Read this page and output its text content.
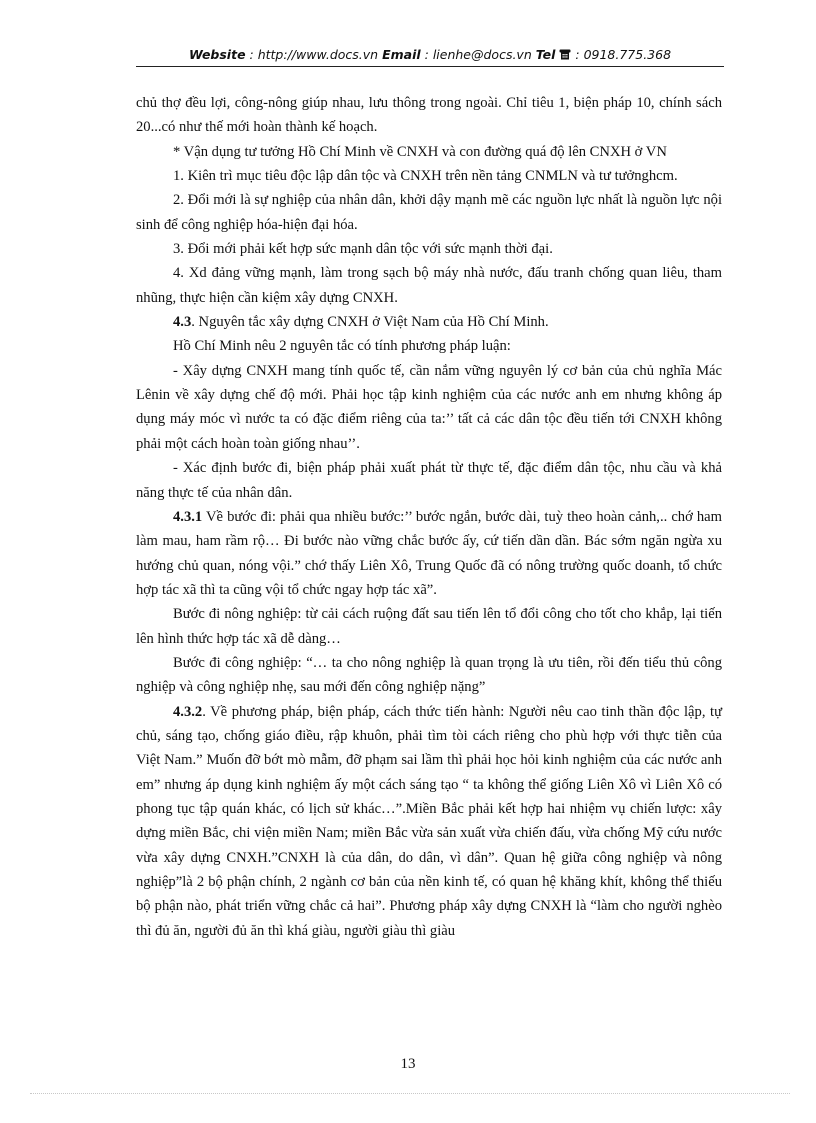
Website : http://www.docs.vn Email : lienhe@docs.vn Tel  : 0918.775.368

chủ thợ đều lợi, công-nông giúp nhau, lưu thông trong ngoài. Chỉ tiêu 1, biện pháp 10, chính sách 20...có như thế mới hoàn thành kế hoạch.

* Vận dụng tư tưởng Hồ Chí Minh về CNXH và con đường quá độ lên CNXH ở VN

1. Kiên trì mục tiêu độc lập dân tộc và CNXH trên nền tảng CNMLN và tư tưởnghcm.

2. Đổi mới là sự nghiệp của nhân dân, khởi dậy mạnh mẽ các nguồn lực nhất là nguồn lực nội sinh để công nghiệp hóa-hiện đại hóa.

3. Đổi mới phải kết hợp sức mạnh dân tộc với sức mạnh thời đại.

4. Xd đảng vững mạnh, làm trong sạch bộ máy nhà nước, đấu tranh chống quan liêu, tham nhũng, thực hiện cần kiệm xây dựng CNXH.

4.3. Nguyên tắc xây dựng CNXH ở Việt Nam của Hồ Chí Minh.

Hồ Chí Minh nêu 2 nguyên tắc có tính phương pháp luận:

- Xây dựng CNXH mang tính quốc tế, cần nắm vững nguyên lý cơ bản của chủ nghĩa Mác Lênin về xây dựng chế độ mới. Phải học tập kinh nghiệm của các nước anh em nhưng không áp dụng máy móc vì nước ta có đặc điểm riêng của ta:’’ tất cả các dân tộc đều tiến tới CNXH không phải một cách hoàn toàn giống nhau’’.

- Xác định bước đi, biện pháp phải xuất phát từ thực tế, đặc điểm dân tộc, nhu cầu và khả năng thực tế của nhân dân.

4.3.1 Về bước đi: phải qua nhiều bước:’’ bước ngắn, bước dài, tuỳ theo hoàn cảnh,.. chớ ham làm mau, ham rầm rộ… Đi bước nào vững chắc bước ấy, cứ tiến dần dần. Bác sớm ngăn ngừa xu hướng chủ quan, nóng vội.” chớ thấy Liên Xô, Trung Quốc đã có nông trường quốc doanh, tổ chức hợp tác xã thì ta cũng vội tổ chức ngay hợp tác xã”.

Bước đi nông nghiệp: từ cải cách ruộng đất sau tiến lên tổ đổi công cho tốt cho khắp, lại tiến lên hình thức hợp tác xã dễ dàng…

Bước đi công nghiệp: “… ta cho nông nghiệp là quan trọng là ưu tiên, rồi đến tiểu thủ công nghiệp và công nghiệp nhẹ, sau mới đến công nghiệp nặng”

4.3.2. Về phương pháp, biện pháp, cách thức tiến hành: Người nêu cao tinh thần độc lập, tự chủ, sáng tạo, chống giáo điều, rập khuôn, phải tìm tòi cách riêng cho phù hợp với thực tiễn của Việt Nam.” Muốn đỡ bớt mò mẫm, đỡ phạm sai lầm thì phải học hỏi kinh nghiệm của các nước anh em” nhưng áp dụng kinh nghiệm ấy một cách sáng tạo “ ta không thể giống Liên Xô vì Liên Xô có phong tục tập quán khác, có lịch sử khác…”.Miền Bắc phải kết hợp hai nhiệm vụ chiến lược: xây dựng miền Bắc, chi viện miền Nam; miền Bắc vừa sản xuất vừa chiến đấu, vừa chống Mỹ cứu nước vừa xây dựng CNXH.”CNXH là của dân, do dân, vì dân”. Quan hệ giữa công nghiệp và nông nghiệp”là 2 bộ phận chính, 2 ngành cơ bản của nền kinh tế, có quan hệ khăng khít, không thể thiếu bộ phận nào, phát triển vững chắc cả hai”. Phương pháp xây dựng CNXH là “làm cho người nghèo thì đủ ăn, người đủ ăn thì khá giàu, người giàu thì giàu

13
